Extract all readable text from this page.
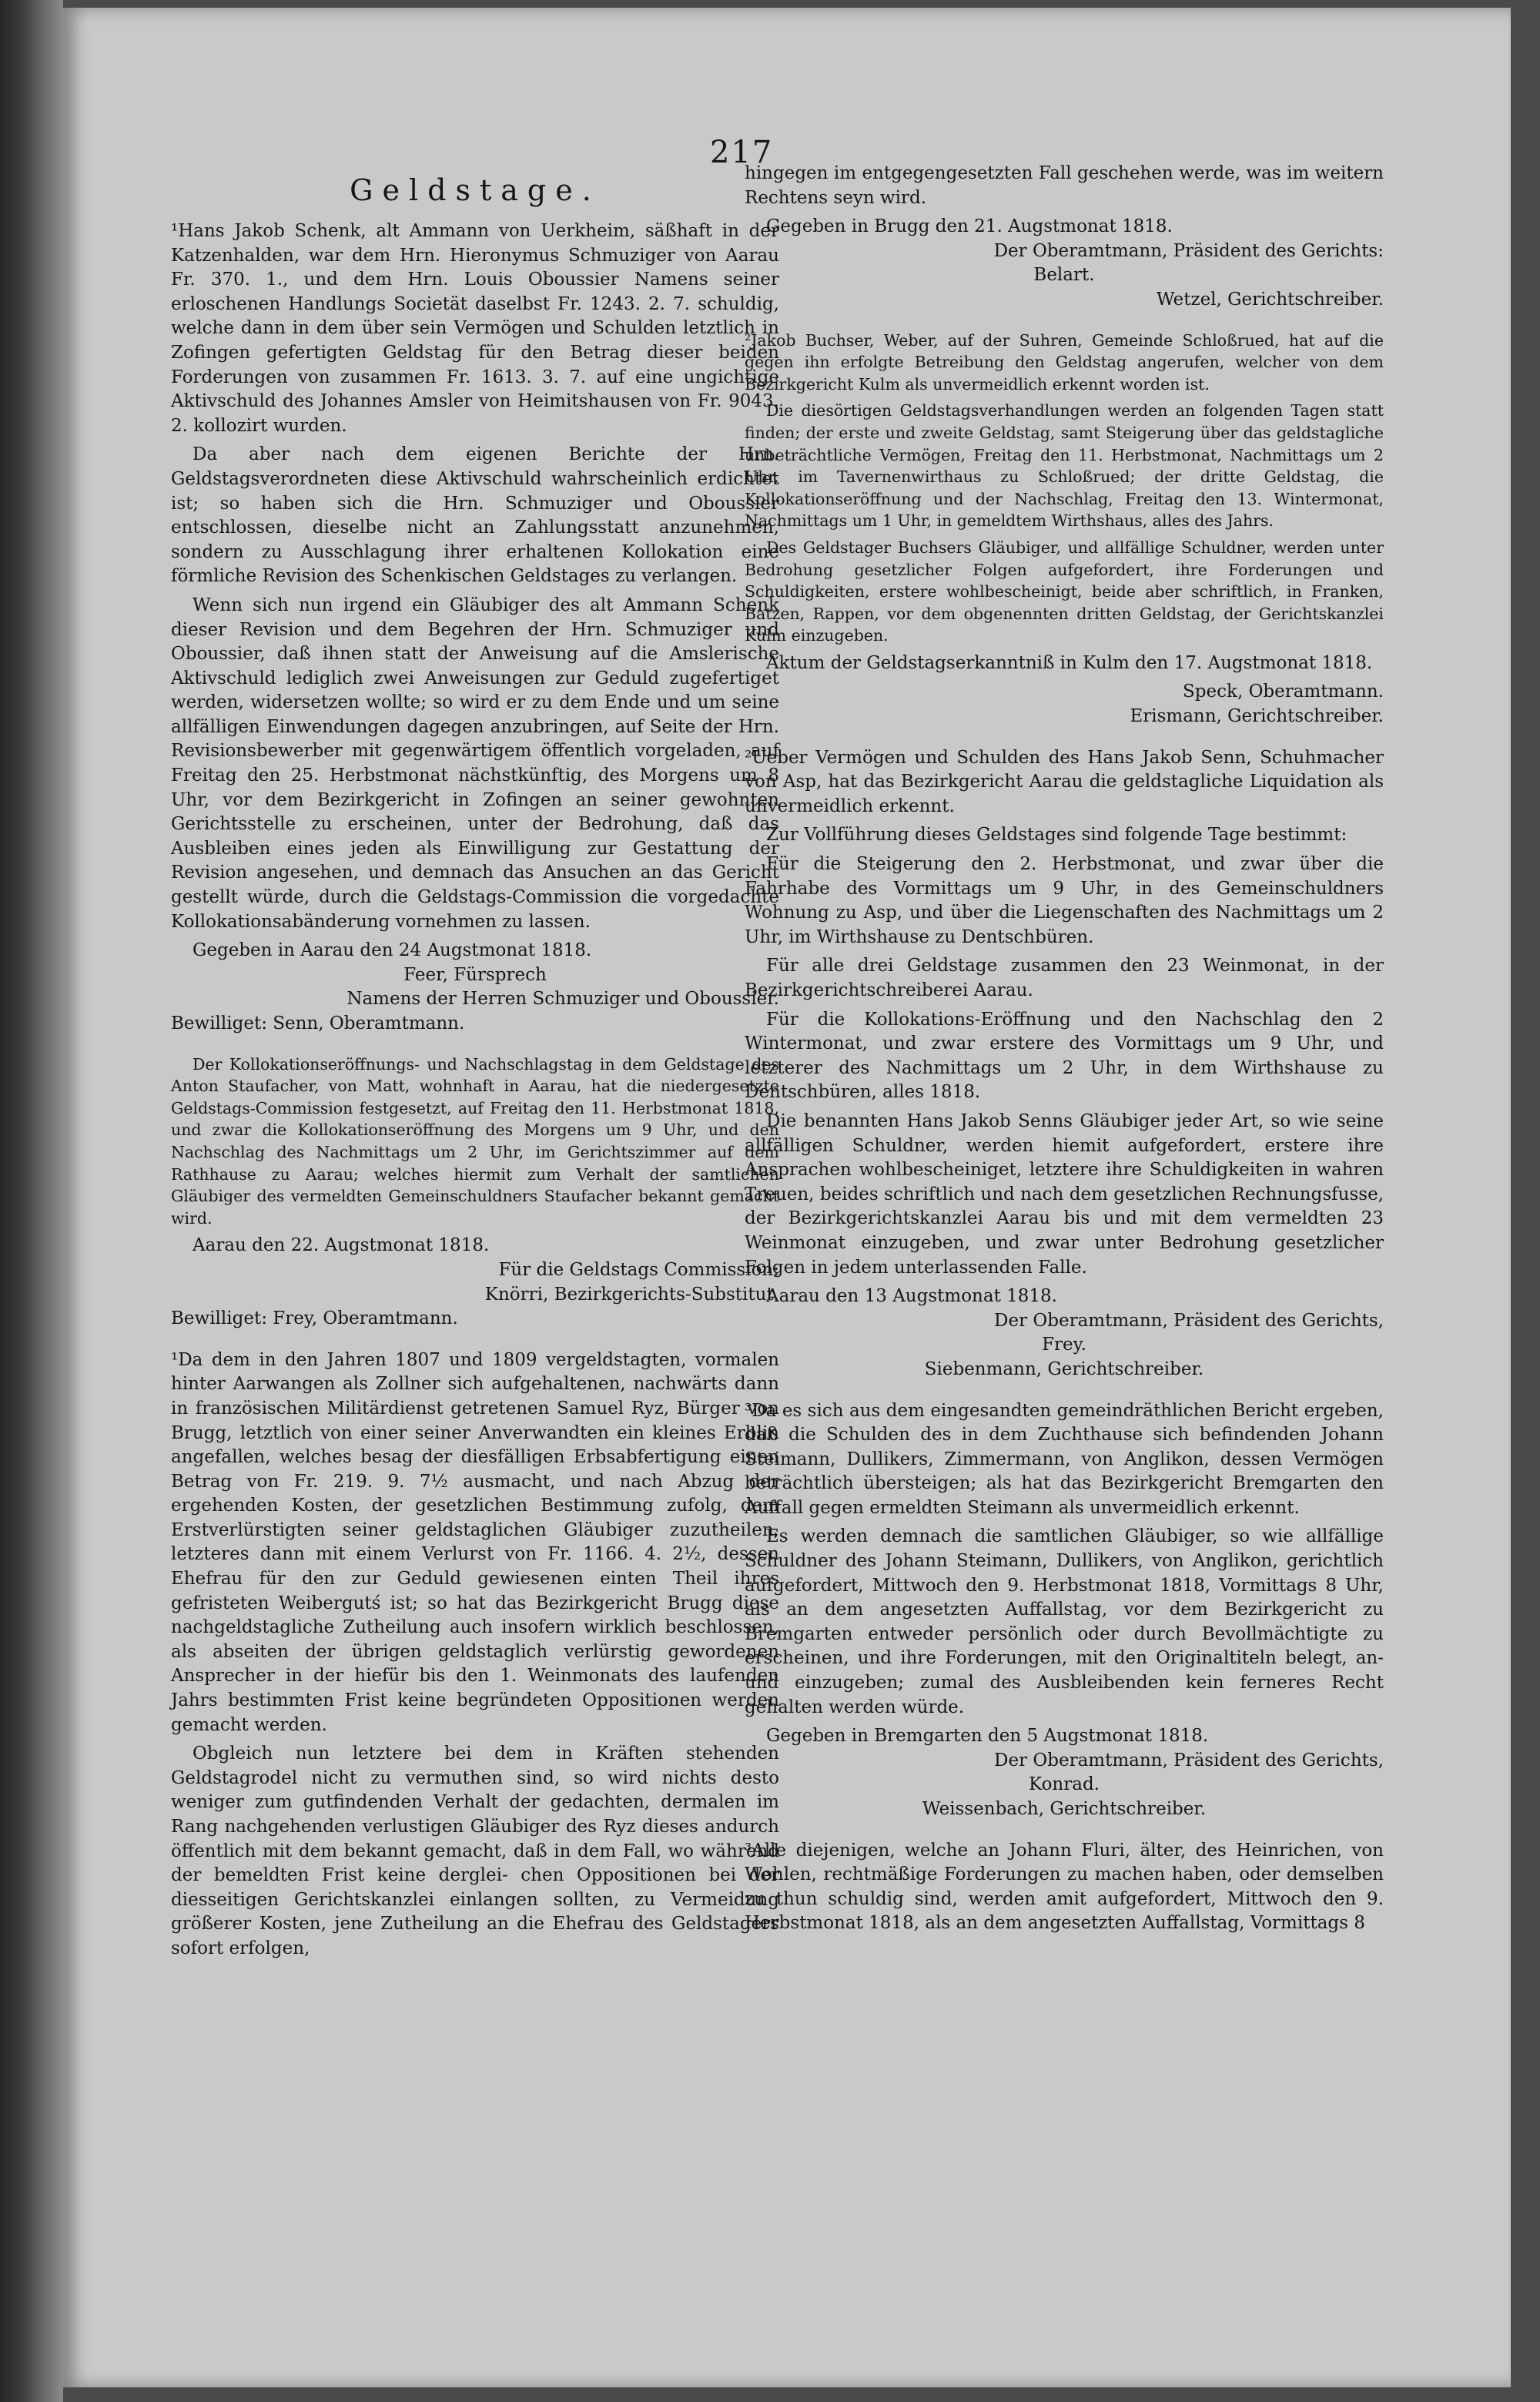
217
Geldstage.

¹Hans Jakob Schenk, alt Ammann von Uerkheim, säßhaft in der Katzenhalden, war dem Hrn. Hieronymus Schmuziger von Aarau Fr. 370. 1., und dem Hrn. Louis Oboussier Namens seiner erloschenen Handlungs Societät daselbst Fr. 1243. 2. 7. schuldig, welche dann in dem über sein Vermögen und Schulden letztlich in Zofingen gefertigten Geldstag für den Betrag dieser beiden Forderungen von zusammen Fr. 1613. 3. 7. auf eine ungichtige Aktivschuld des Johannes Amsler von Heimitshausen von Fr. 9043. 2. kollozirt wurden.

Da aber nach dem eigenen Berichte der Hrn. Geldstagsverordneten diese Aktivschuld wahrscheinlich erdichtet ist; so haben sich die Hrn. Schmuziger und Oboussier entschlossen, dieselbe nicht an Zahlungsstatt anzunehmen, sondern zu Ausschlagung ihrer erhaltenen Kollokation eine förmliche Revision des Schenkischen Geldstages zu verlangen.

Wenn sich nun irgend ein Gläubiger des alt Ammann Schenk dieser Revision und dem Begehren der Hrn. Schmuziger und Oboussier, daß ihnen statt der Anweisung auf die Amslerische Aktivschuld lediglich zwei Anweisungen zur Geduld zugefertiget werden, widersetzen wollte; so wird er zu dem Ende und um seine allfälligen Einwendungen dagegen anzubringen, auf Seite der Hrn. Revisionsbewerber mit gegenwärtigem öffentlich vorgeladen, auf Freitag den 25. Herbstmonat nächstkünftig, des Morgens um 8 Uhr, vor dem Bezirkgericht in Zofingen an seiner gewohnten Gerichtsstelle zu erscheinen, unter der Bedrohung, daß das Ausbleiben eines jeden als Einwilligung zur Gestattung der Revision angesehen, und demnach das Ansuchen an das Gericht gestellt würde, durch die Geldstags-Commission die vorgedachte Kollokationsabänderung vornehmen zu lassen.

Gegeben in Aarau den 24 Augstmonat 1818.

Feer, Fürsprech

Namens der Herren Schmuziger und Oboussier.

Bewilliget: Senn, Oberamtmann.

Der Kollokationseröffnungs- und Nachschlagstag in dem Geldstage des Anton Staufacher, von Matt, wohnhaft in Aarau, hat die niedergesetzte Geldstags-Commission festgesetzt, auf Freitag den 11. Herbstmonat 1818, und zwar die Kollokationseröffnung des Morgens um 9 Uhr, und den Nachschlag des Nachmittags um 2 Uhr, im Gerichtszimmer auf dem Rathhause zu Aarau; welches hiermit zum Verhalt der samtlichen Gläubiger des vermeldten Gemeinschuldners Staufacher bekannt gemacht wird.

Aarau den 22. Augstmonat 1818.

Für die Geldstags Commission:

Knörri, Bezirkgerichts-Substitut.

Bewilliget: Frey, Oberamtmann.

¹Da dem in den Jahren 1807 und 1809 vergeldstagten, vormalen hinter Aarwangen als Zollner sich aufgehaltenen, nachwärts dann in französischen Militärdienst getretenen Samuel Ryz, Bürger von Brugg, letztlich von einer seiner Anverwandten ein kleines Erblin angefallen, welches besag der diesfälligen Erbsabfertigung einen Betrag von Fr. 219. 9. 7½ ausmacht, und nach Abzug der ergehenden Kosten, der gesetzlichen Bestimmung zufolg, dem Erstverlürstigten seiner geldstaglichen Gläubiger zuzutheilen, letzteres dann mit einem Verlurst von Fr. 1166. 4. 2½, dessen Ehefrau für den zur Geduld gewiesenen einten Theil ihres gefristeten Weibergutś ist; so hat das Bezirkgericht Brugg diese nachgeldstagliche Zutheilung auch insofern wirklich beschlossen, als abseiten der übrigen geldstaglich verlürstig gewordenen Ansprecher in der hiefür bis den 1. Weinmonats des laufenden Jahrs bestimmten Frist keine begründeten Oppositionen werden gemacht werden.

Obgleich nun letztere bei dem in Kräften stehenden Geldstagrodel nicht zu vermuthen sind, so wird nichts desto weniger zum gutfindenden Verhalt der gedachten, dermalen im Rang nachgehenden verlustigen Gläubiger des Ryz dieses andurch öffentlich mit dem bekannt gemacht, daß in dem Fall, wo während der bemeldten Frist keine derglei- chen Oppositionen bei der diesseitigen Gerichtskanzlei einlangen sollten, zu Vermeidung größerer Kosten, jene Zutheilung an die Ehefrau des Geldstagers sofort erfolgen,

hingegen im entgegengesetzten Fall geschehen werde, was im weitern Rechtens seyn wird.

Gegeben in Brugg den 21. Augstmonat 1818.

Der Oberamtmann, Präsident des Gerichts:

Belart.

Wetzel, Gerichtschreiber.

²Jakob Buchser, Weber, auf der Suhren, Gemeinde Schloßrued, hat auf die gegen ihn erfolgte Betreibung den Geldstag angerufen, welcher von dem Bezirkgericht Kulm als unvermeidlich erkennt worden ist.

Die diesörtigen Geldstagsverhandlungen werden an folgenden Tagen statt finden; der erste und zweite Geldstag, samt Steigerung über das geldstagliche unbeträchtliche Vermögen, Freitag den 11. Herbstmonat, Nachmittags um 2 Uhr, im Tavernenwirthaus zu Schloßrued; der dritte Geldstag, die Kollokationseröffnung und der Nachschlag, Freitag den 13. Wintermonat, Nachmittags um 1 Uhr, in gemeldtem Wirthshaus, alles des Jahrs.

Des Geldstager Buchsers Gläubiger, und allfällige Schuldner, werden unter Bedrohung gesetzlicher Folgen aufgefordert, ihre Forderungen und Schuldigkeiten, erstere wohlbescheinigt, beide aber schriftlich, in Franken, Batzen, Rappen, vor dem obgenennten dritten Geldstag, der Gerichtskanzlei Kulm einzugeben.

Aktum der Geldstagserkanntniß in Kulm den 17. Augstmonat 1818.

Speck, Oberamtmann.

Erismann, Gerichtschreiber.

²Ueber Vermögen und Schulden des Hans Jakob Senn, Schuhmacher von Asp, hat das Bezirkgericht Aarau die geldstagliche Liquidation als unvermeidlich erkennt.

Zur Vollführung dieses Geldstages sind folgende Tage bestimmt:

Für die Steigerung den 2. Herbstmonat, und zwar über die Fahrhabe des Vormittags um 9 Uhr, in des Gemeinschuldners Wohnung zu Asp, und über die Liegenschaften des Nachmittags um 2 Uhr, im Wirthshause zu Dentschbüren.

Für alle drei Geldstage zusammen den 23 Weinmonat, in der Bezirkgerichtschreiberei Aarau.

Für die Kollokations-Eröffnung und den Nachschlag den 2 Wintermonat, und zwar erstere des Vormittags um 9 Uhr, und letzterer des Nachmittags um 2 Uhr, in dem Wirthshause zu Dentschbüren, alles 1818.

Die benannten Hans Jakob Senns Gläubiger jeder Art, so wie seine allfälligen Schuldner, werden hiemit aufgefordert, erstere ihre Ansprachen wohlbescheiniget, letztere ihre Schuldigkeiten in wahren Treuen, beides schriftlich und nach dem gesetzlichen Rechnungsfusse, der Bezirkgerichtskanzlei Aarau bis und mit dem vermeldten 23 Weinmonat einzugeben, und zwar unter Bedrohung gesetzlicher Folgen in jedem unterlassenden Falle.

Aarau den 13 Augstmonat 1818.

Der Oberamtmann, Präsident des Gerichts,

Frey.

Siebenmann, Gerichtschreiber.

³Da es sich aus dem eingesandten gemeindräthlichen Bericht ergeben, daß die Schulden des in dem Zuchthause sich befindenden Johann Steimann, Dullikers, Zimmermann, von Anglikon, dessen Vermögen beträchtlich übersteigen; als hat das Bezirkgericht Bremgarten den Auffall gegen ermeldten Steimann als unvermeidlich erkennt.

Es werden demnach die samtlichen Gläubiger, so wie allfällige Schuldner des Johann Steimann, Dullikers, von Anglikon, gerichtlich aufgefordert, Mittwoch den 9. Herbstmonat 1818, Vormittags 8 Uhr, als an dem angesetzten Auffallstag, vor dem Bezirkgericht zu Bremgarten entweder persönlich oder durch Bevollmächtigte zu erscheinen, und ihre Forderungen, mit den Originaltiteln belegt, an- und einzugeben; zumal des Ausbleibenden kein ferneres Recht gehalten werden würde.

Gegeben in Bremgarten den 5 Augstmonat 1818.

Der Oberamtmann, Präsident des Gerichts,

Konrad.

Weissenbach, Gerichtschreiber.

³Alle diejenigen, welche an Johann Fluri, älter, des Heinrichen, von Wohlen, rechtmäßige Forderungen zu machen haben, oder demselben zu thun schuldig sind, werden amit aufgefordert, Mittwoch den 9. Herbstmonat 1818, als an dem angesetzten Auffallstag, Vormittags 8
